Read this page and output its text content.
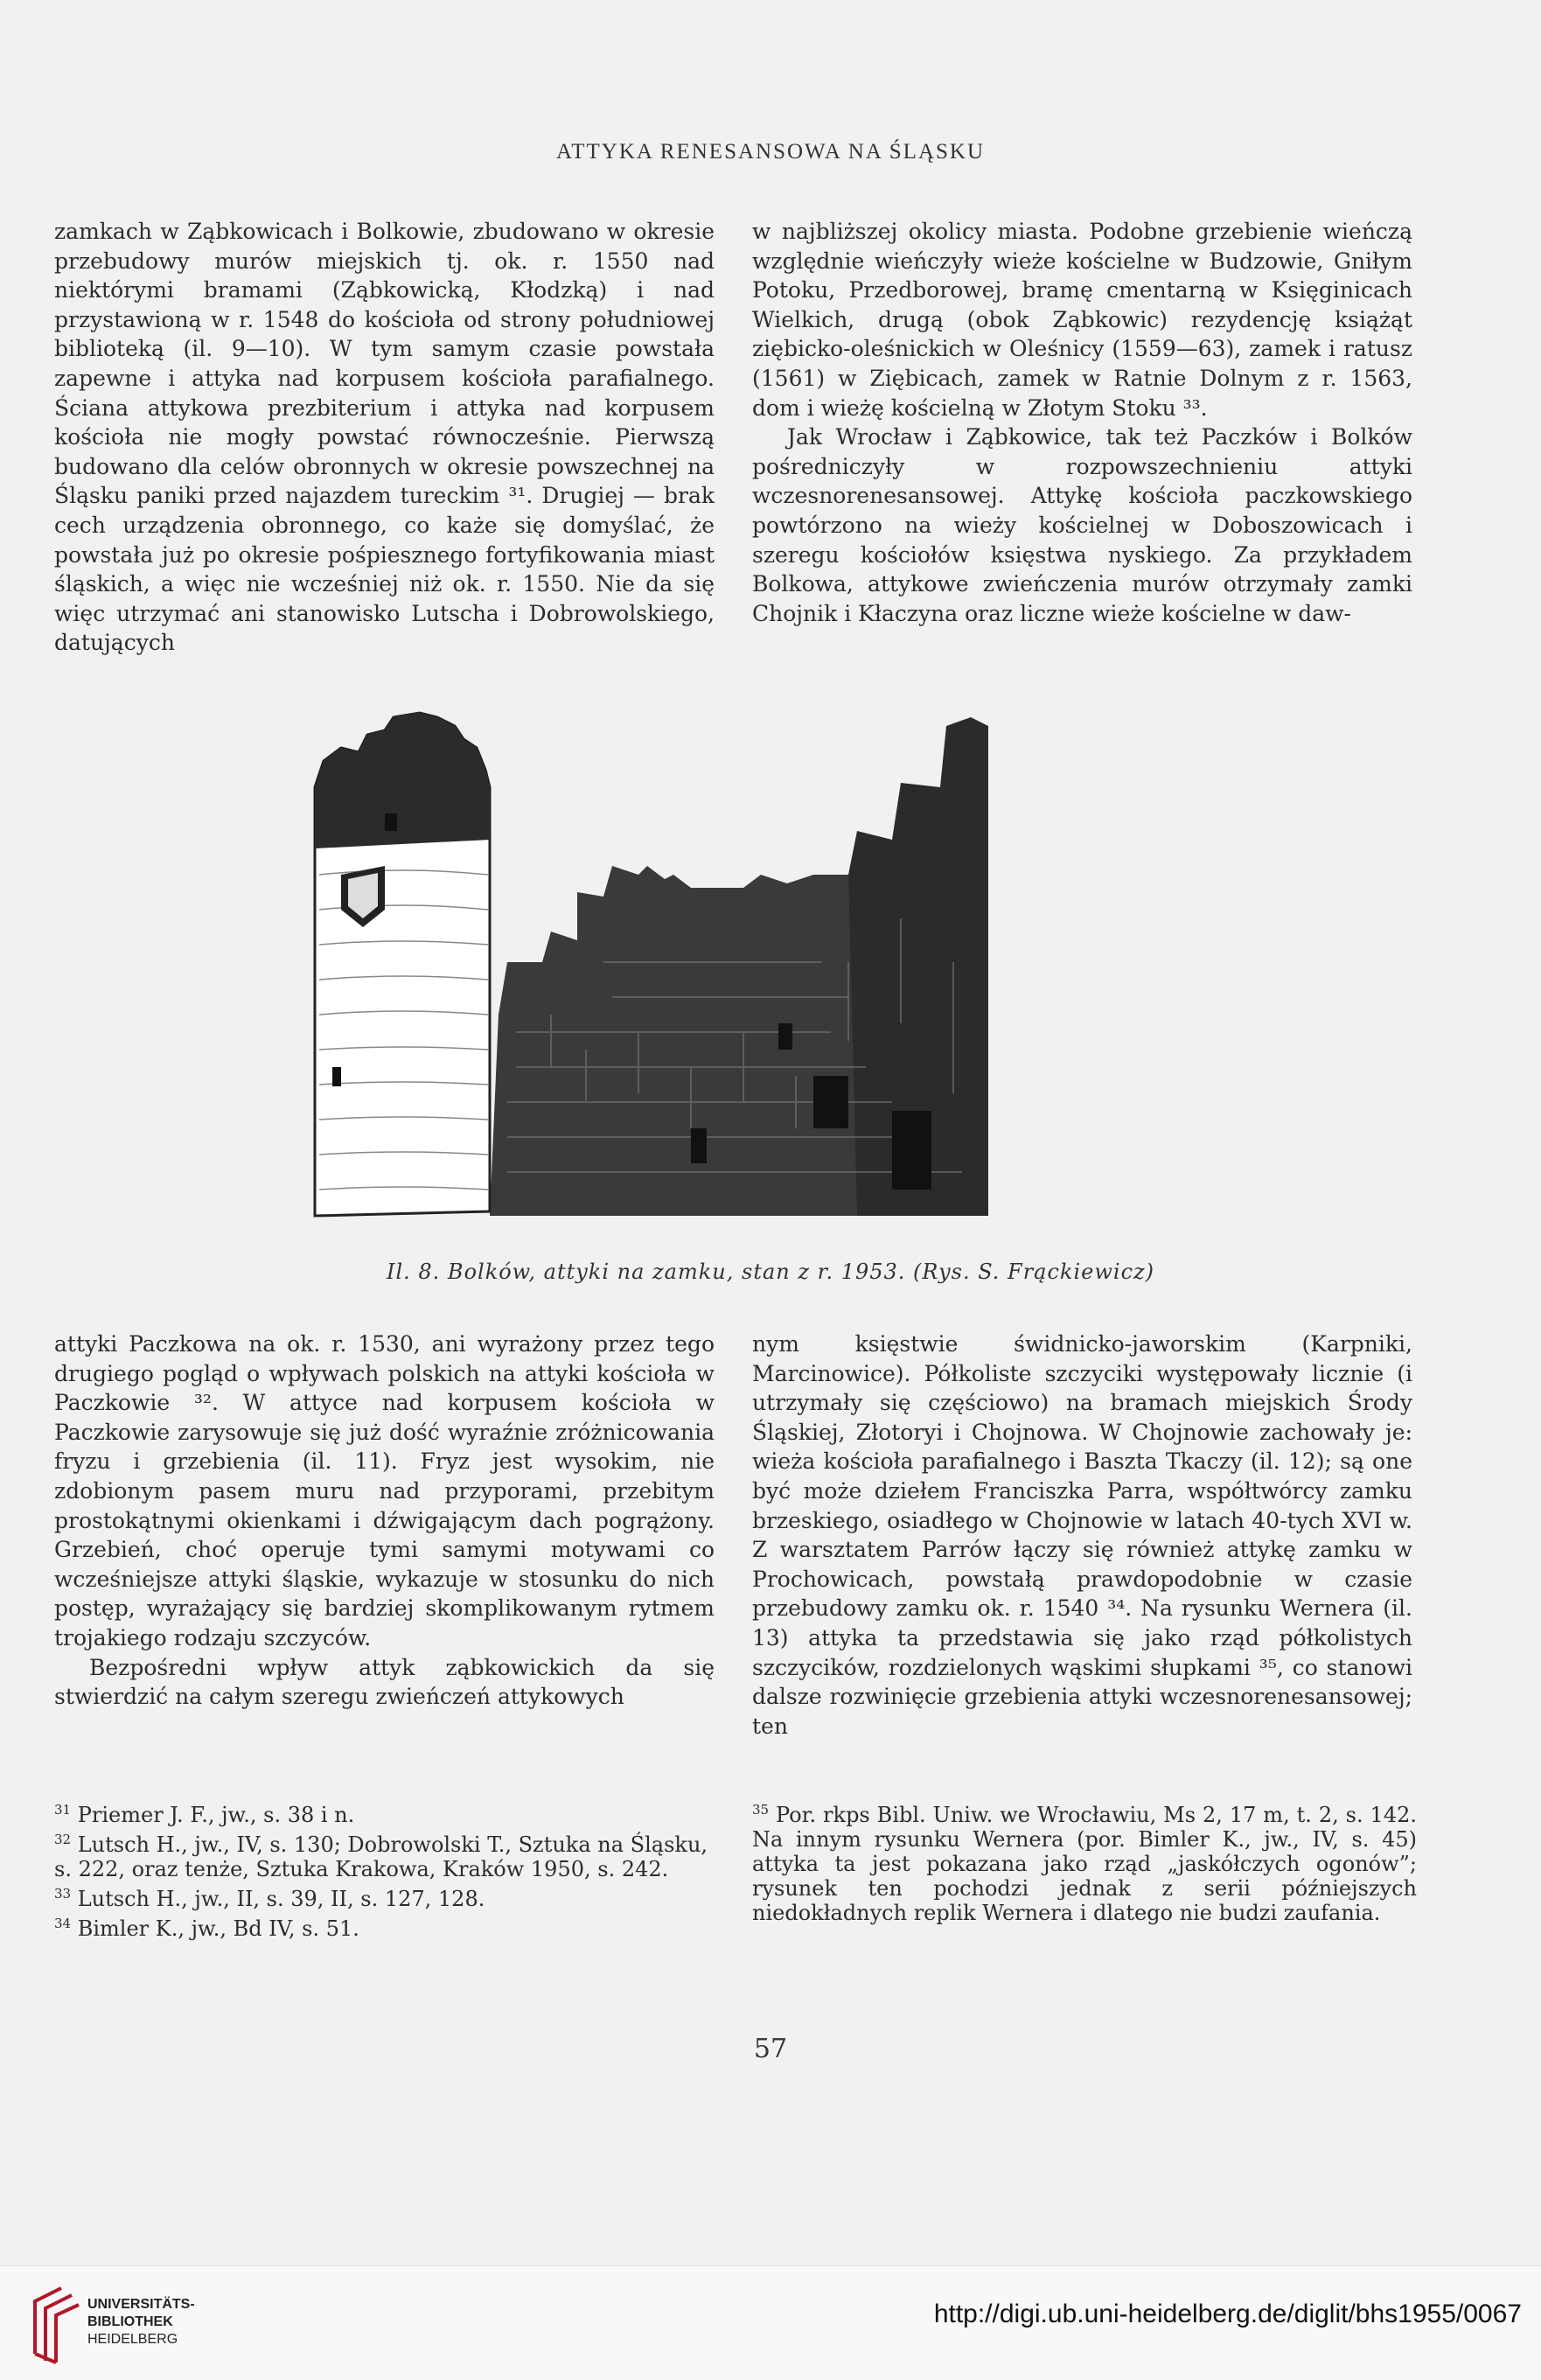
ATTYKA RENESANSOWA NA ŚLĄSKU

zamkach w Ząbkowicach i Bolkowie, zbudowano w okresie przebudowy murów miejskich tj. ok. r. 1550 nad niektórymi bramami (Ząbkowicką, Kłodzką) i nad przystawioną w r. 1548 do kościoła od strony południowej biblioteką (il. 9—10). W tym samym czasie powstała zapewne i attyka nad korpusem kościoła parafialnego. Ściana attykowa prezbiterium i attyka nad korpusem kościoła nie mogły powstać równocześnie. Pierwszą budowano dla celów obronnych w okresie powszechnej na Śląsku paniki przed najazdem tureckim ³¹. Drugiej — brak cech urządzenia obronnego, co każe się domyślać, że powstała już po okresie pośpiesznego fortyfikowania miast śląskich, a więc nie wcześniej niż ok. r. 1550. Nie da się więc utrzymać ani stanowisko Lutscha i Dobrowolskiego, datujących

w najbliższej okolicy miasta. Podobne grzebienie wieńczą względnie wieńczyły wieże kościelne w Budzowie, Gniłym Potoku, Przedborowej, bramę cmentarną w Księginicach Wielkich, drugą (obok Ząbkowic) rezydencję książąt ziębicko-oleśnickich w Oleśnicy (1559—63), zamek i ratusz (1561) w Ziębicach, zamek w Ratnie Dolnym z r. 1563, dom i wieżę kościelną w Złotym Stoku ³³.

Jak Wrocław i Ząbkowice, tak też Paczków i Bolków pośredniczyły w rozpowszechnieniu attyki wczesnorenesansowej. Attykę kościoła paczkowskiego powtórzono na wieży kościelnej w Doboszowicach i szeregu kościołów księstwa nyskiego. Za przykładem Bolkowa, attykowe zwieńczenia murów otrzymały zamki Chojnik i Kłaczyna oraz liczne wieże kościelne w daw-

Il. 8. Bolków, attyki na zamku, stan z r. 1953. (Rys. S. Frąckiewicz)

attyki Paczkowa na ok. r. 1530, ani wyrażony przez tego drugiego pogląd o wpływach polskich na attyki kościoła w Paczkowie ³². W attyce nad korpusem kościoła w Paczkowie zarysowuje się już dość wyraźnie zróżnicowania fryzu i grzebienia (il. 11). Fryz jest wysokim, nie zdobionym pasem muru nad przyporami, przebitym prostokątnymi okienkami i dźwigającym dach pogrążony. Grzebień, choć operuje tymi samymi motywami co wcześniejsze attyki śląskie, wykazuje w stosunku do nich postęp, wyrażający się bardziej skomplikowanym rytmem trojakiego rodzaju szczyców.

Bezpośredni wpływ attyk ząbkowickich da się stwierdzić na całym szeregu zwieńczeń attykowych

nym księstwie świdnicko-jaworskim (Karpniki, Marcinowice). Półkoliste szczyciki występowały licznie (i utrzymały się częściowo) na bramach miejskich Środy Śląskiej, Złotoryi i Chojnowa. W Chojnowie zachowały je: wieża kościoła parafialnego i Baszta Tkaczy (il. 12); są one być może dziełem Franciszka Parra, współtwórcy zamku brzeskiego, osiadłego w Chojnowie w latach 40-tych XVI w. Z warsztatem Parrów łączy się również attykę zamku w Prochowicach, powstałą prawdopodobnie w czasie przebudowy zamku ok. r. 1540 ³⁴. Na rysunku Wernera (il. 13) attyka ta przedstawia się jako rząd półkolistych szczycików, rozdzielonych wąskimi słupkami ³⁵, co stanowi dalsze rozwinięcie grzebienia attyki wczesnorenesansowej; ten

$^{31}$ Priemer J. F., jw., s. 38 i n.

$^{32}$ Lutsch H., jw., IV, s. 130; Dobrowolski T., Sztuka na Śląsku, s. 222, oraz tenże, Sztuka Krakowa, Kraków 1950, s. 242.

$^{33}$ Lutsch H., jw., II, s. 39, II, s. 127, 128.

$^{34}$ Bimler K., jw., Bd IV, s. 51.

$^{35}$ Por. rkps Bibl. Uniw. we Wrocławiu, Ms 2, 17 m, t. 2, s. 142. Na innym rysunku Wernera (por. Bimler K., jw., IV, s. 45) attyka ta jest pokazana jako rząd „jaskółczych ogonów”; rysunek ten pochodzi jednak z serii późniejszych niedokładnych replik Wernera i dlatego nie budzi zaufania.

57
UNIVERSITÄTS-
BIBLIOTHEK
HEIDELBERG
http://digi.ub.uni-heidelberg.de/diglit/bhs1955/0067
